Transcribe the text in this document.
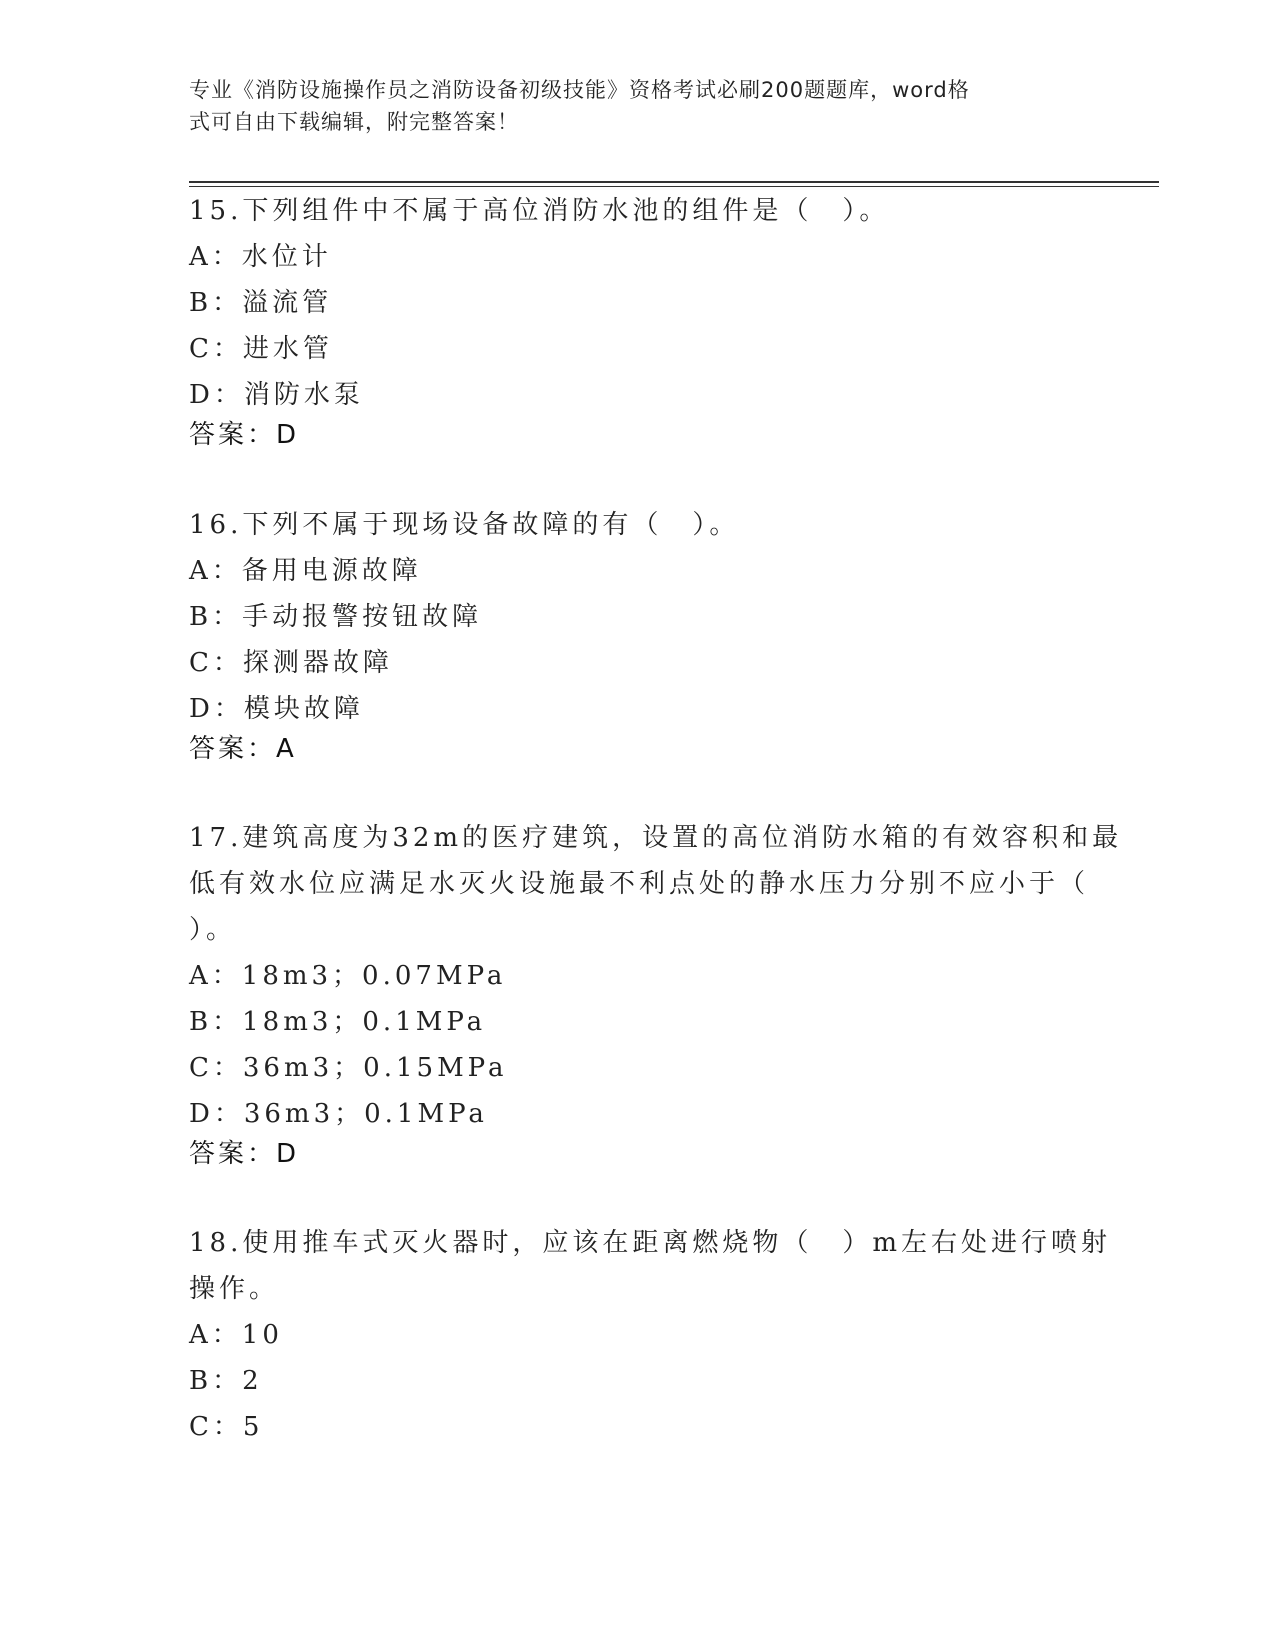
专业《消防设施操作员之消防设备初级技能》资格考试必刷200题题库，word格
式可自由下载编辑，附完整答案！
15.下列组件中不属于高位消防水池的组件是（　）。
A：水位计
B：溢流管
C：进水管
D：消防水泵
答案：D
16.下列不属于现场设备故障的有（　）。
A：备用电源故障
B：手动报警按钮故障
C：探测器故障
D：模块故障
答案：A
17.建筑高度为32m的医疗建筑，设置的高位消防水箱的有效容积和最
低有效水位应满足水灭火设施最不利点处的静水压力分别不应小于（
）。
A：18m3；0.07MPa
B：18m3；0.1MPa
C：36m3；0.15MPa
D：36m3；0.1MPa
答案：D
18.使用推车式灭火器时，应该在距离燃烧物（　）m左右处进行喷射
操作。
A：10
B：2
C：5
